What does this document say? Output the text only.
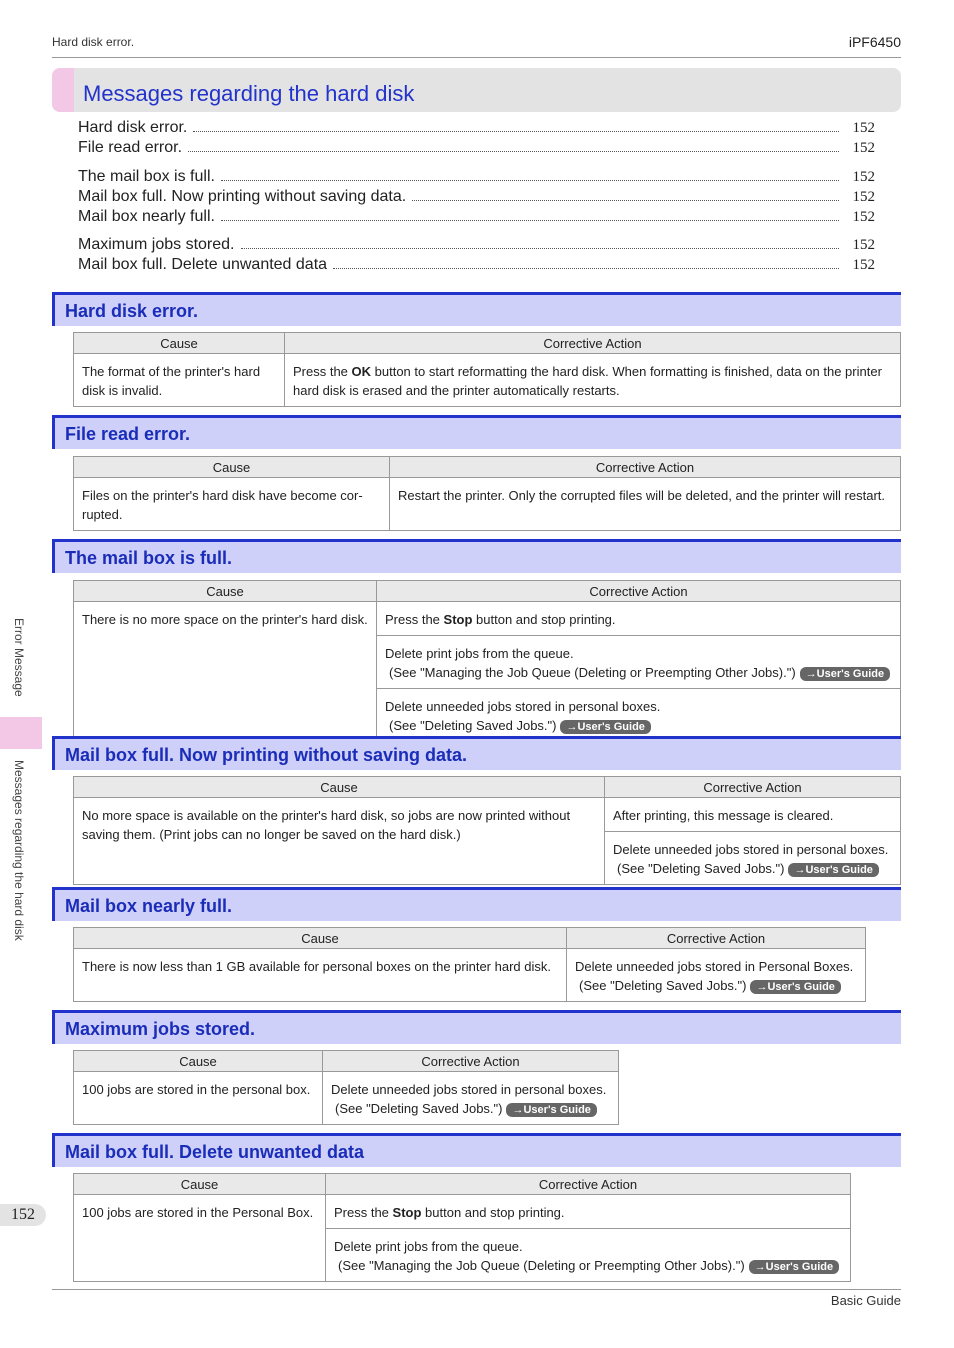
Hard disk error.	iPF6450
Messages regarding the hard disk
Hard disk error.	152
File read error.	152
The mail box is full.	152
Mail box full. Now printing without saving data.	152
Mail box nearly full.	152
Maximum jobs stored.	152
Mail box full. Delete unwanted data	152
Hard disk error.
Cause	Corrective Action
The format of the printer's hard disk is invalid.	Press the OK button to start reformatting the hard disk. When formatting is finished, data on the printer hard disk is erased and the printer automatically restarts.
File read error.
Cause	Corrective Action
Files on the printer's hard disk have become cor-rupted.	Restart the printer. Only the corrupted files will be deleted, and the printer will restart.
The mail box is full.
Cause	Corrective Action
There is no more space on the printer's hard disk.	Press the Stop button and stop printing.

	Delete print jobs from the queue.
(See "Managing the Job Queue (Deleting or Preempting Other Jobs).") →User's Guide

	Delete unneeded jobs stored in personal boxes.
(See "Deleting Saved Jobs.") →User's Guide
Mail box full. Now printing without saving data.
Cause	Corrective Action
No more space is available on the printer's hard disk, so jobs are now printed without saving them. (Print jobs can no longer be saved on the hard disk.)	After printing, this message is cleared.

	Delete unneeded jobs stored in personal boxes.
(See "Deleting Saved Jobs.") →User's Guide
Mail box nearly full.
Cause	Corrective Action
There is now less than 1 GB available for personal boxes on the printer hard disk.	Delete unneeded jobs stored in Personal Boxes.
(See "Deleting Saved Jobs.") →User's Guide
Maximum jobs stored.
Cause	Corrective Action
100 jobs are stored in the personal box.	Delete unneeded jobs stored in personal boxes.
(See "Deleting Saved Jobs.") →User's Guide
Mail box full. Delete unwanted data
Cause	Corrective Action
100 jobs are stored in the Personal Box.	Press the Stop button and stop printing.

	Delete print jobs from the queue.
(See "Managing the Job Queue (Deleting or Preempting Other Jobs).") →User's Guide
Error Message
Messages regarding the hard disk
152
Basic Guide
